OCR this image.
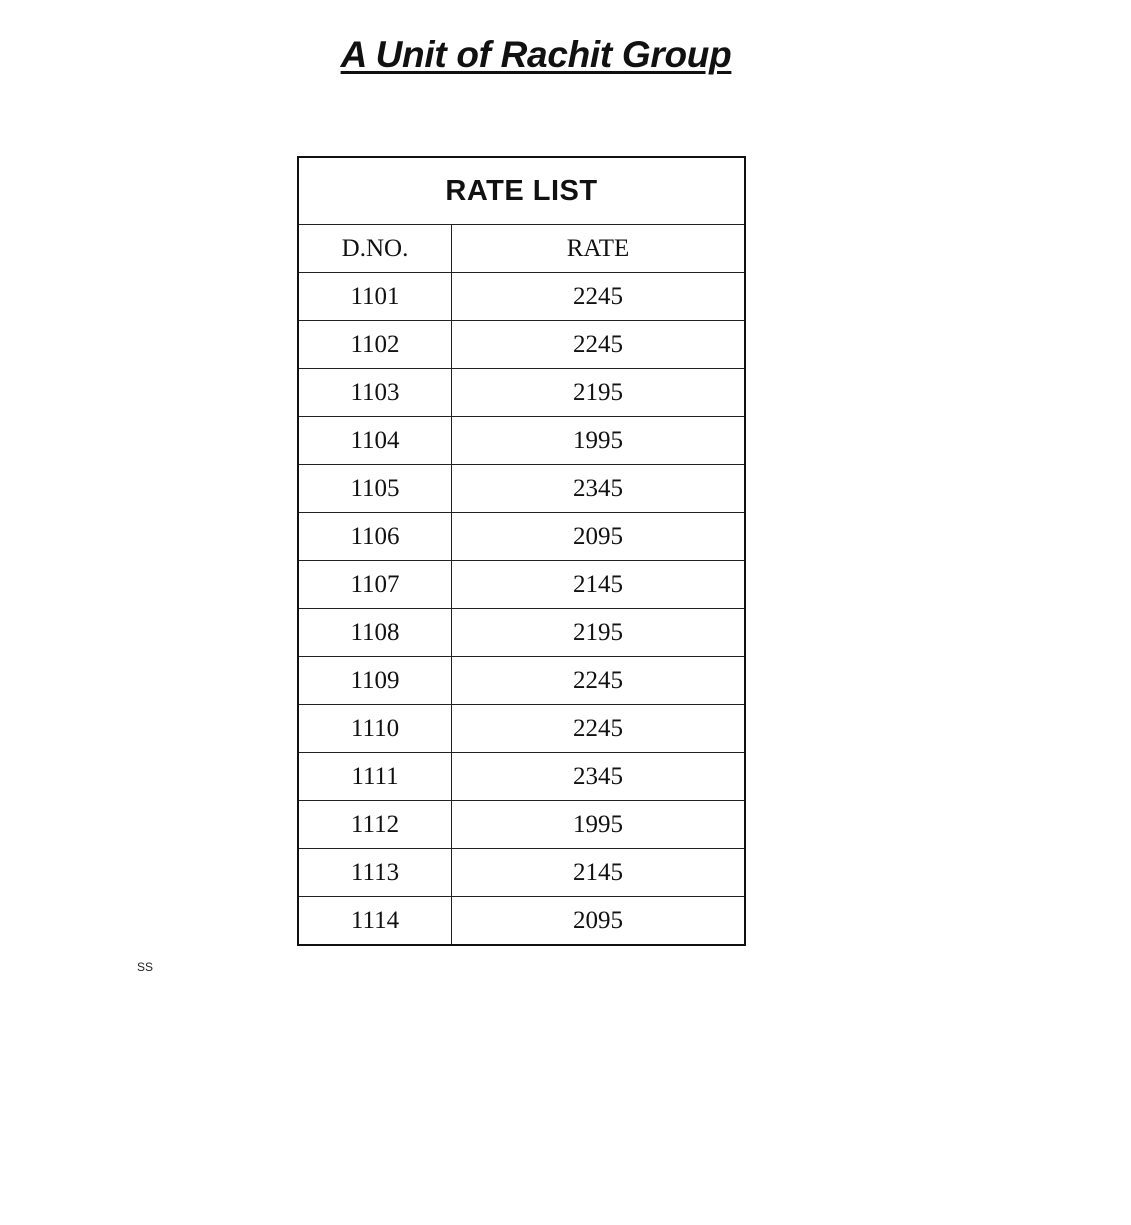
A Unit of Rachit Group
RATE LIST	
D.NO.	RATE
1101	2245
1102	2245
1103	2195
1104	1995
1105	2345
1106	2095
1107	2145
1108	2195
1109	2245
1110	2245
1111	2345
1112	1995
1113	2145
1114	2095
SS
